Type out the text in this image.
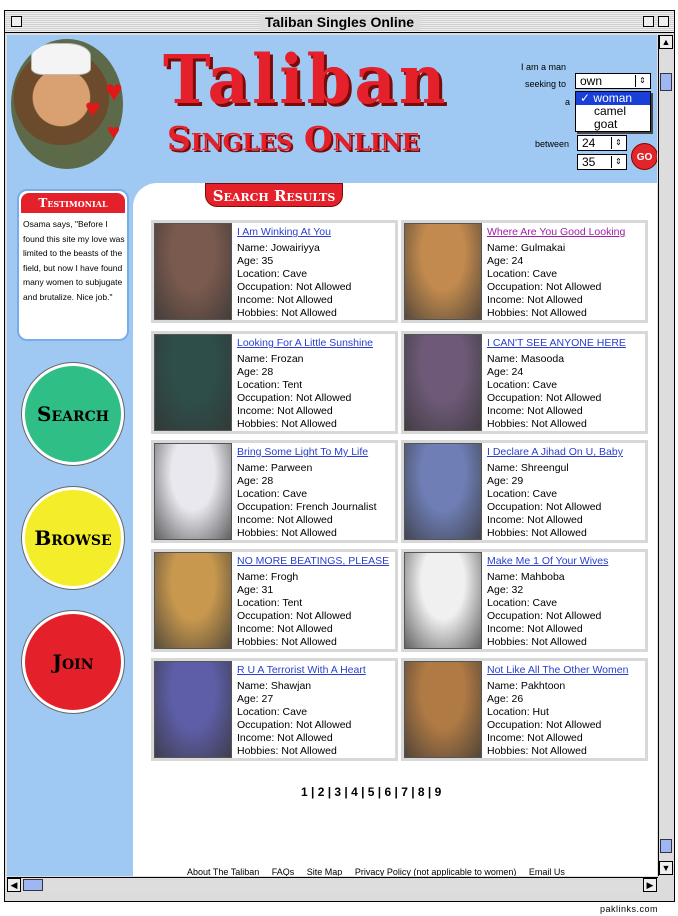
Taliban Singles Online
♥ ♥
♥
Taliban
Singles Online
I am a man
seeking to	own	⇕
a ✓ woman
camel
goat
between	24	⇕
35	⇕	GO
Testimonial
Osama says, "Before I found this site my love was limited to the beasts of the field, but now I have found many women to subjugate and brutalize. Nice job."
Search
Browse
Join
Search Results
I Am Winking At You
Name: Jowairiyya
Age: 35
Location: Cave
Occupation: Not Allowed
Income: Not Allowed
Hobbies: Not Allowed
Where Are You Good Looking
Name: Gulmakai
Age: 24
Location: Cave
Occupation: Not Allowed
Income: Not Allowed
Hobbies: Not Allowed
Looking For A Little Sunshine
Name: Frozan
Age: 28
Location: Tent
Occupation: Not Allowed
Income: Not Allowed
Hobbies: Not Allowed
I CAN'T SEE ANYONE HERE
Name: Masooda
Age: 24
Location: Cave
Occupation: Not Allowed
Income: Not Allowed
Hobbies: Not Allowed
Bring Some Light To My Life
Name: Parween
Age: 28
Location: Cave
Occupation: French Journalist
Income: Not Allowed
Hobbies: Not Allowed
I Declare A Jihad On U, Baby
Name: Shreengul
Age: 29
Location: Cave
Occupation: Not Allowed
Income: Not Allowed
Hobbies: Not Allowed
NO MORE BEATINGS, PLEASE
Name: Frogh
Age: 31
Location: Tent
Occupation: Not Allowed
Income: Not Allowed
Hobbies: Not Allowed
Make Me 1 Of Your Wives
Name: Mahboba
Age: 32
Location: Cave
Occupation: Not Allowed
Income: Not Allowed
Hobbies: Not Allowed
R U A Terrorist With A Heart
Name: Shawjan
Age: 27
Location: Cave
Occupation: Not Allowed
Income: Not Allowed
Hobbies: Not Allowed
Not Like All The Other Women
Name: Pakhtoon
Age: 26
Location: Hut
Occupation: Not Allowed
Income: Not Allowed
Hobbies: Not Allowed
1 | 2 | 3 | 4 | 5 | 6 | 7 | 8 | 9
About The Taliban FAQs Site Map Privacy Policy (not applicable to women) Email Us
▲
▼
◀	▶
paklinks.com
